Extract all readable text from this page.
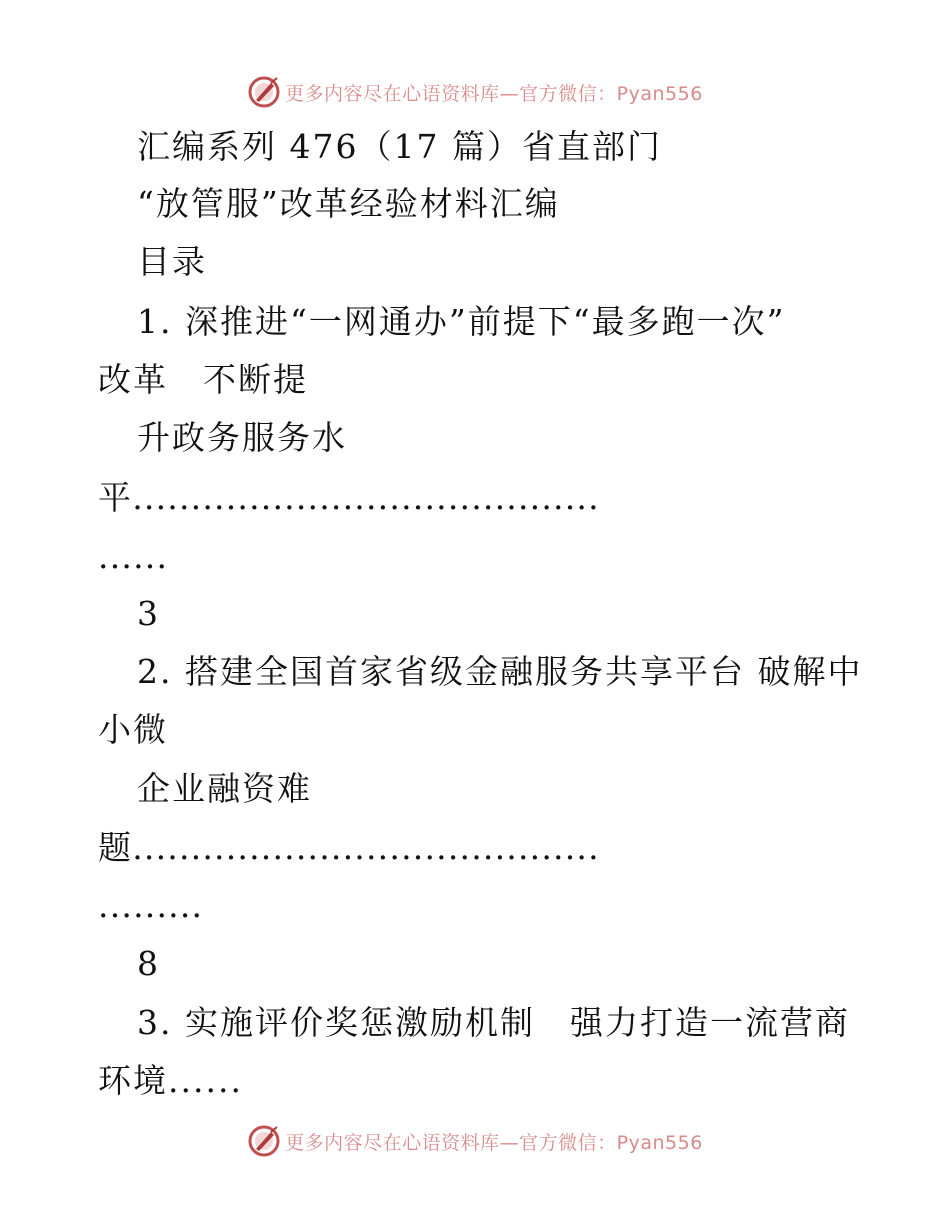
更多内容尽在心语资料库—官方微信：Pyan556
汇编系列 476（17 篇）省直部门
“放管服”改革经验材料汇编
目录
1. 深推进“一网通办”前提下“最多跑一次”
改革　不断提
升政务服务水
平........................................
......
3
2. 搭建全国首家省级金融服务共享平台 破解中
小微
企业融资难
题........................................
.........
8
3. 实施评价奖惩激励机制　强力打造一流营商
环境......
更多内容尽在心语资料库—官方微信：Pyan556
